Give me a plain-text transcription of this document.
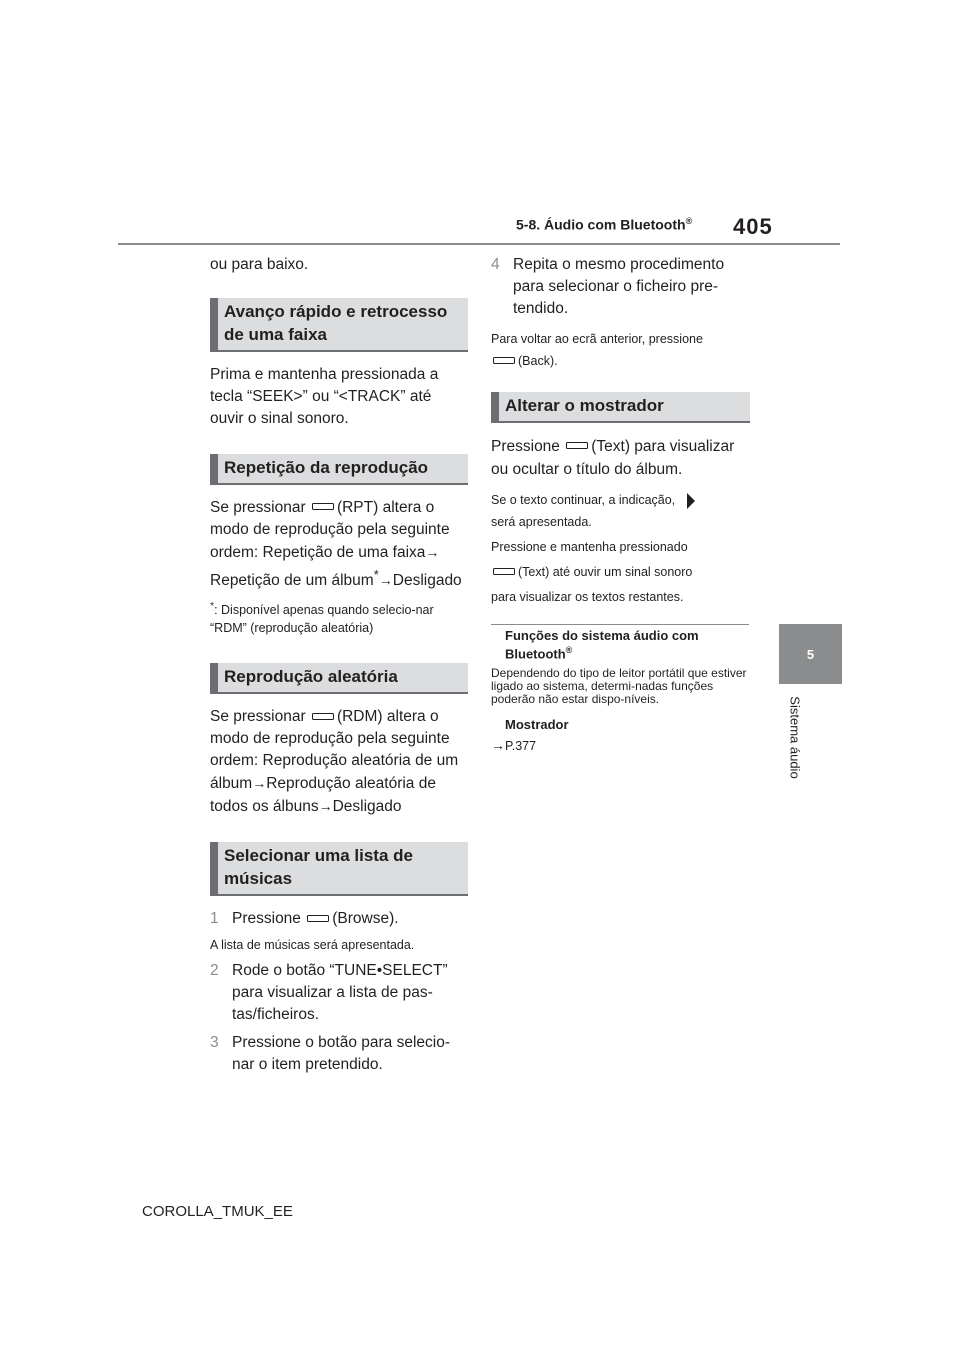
5-8. Áudio com Bluetooth® 405
5
Sistema áudio

ou para baixo.

Avanço rápido e retrocesso de uma faixa

Prima e mantenha pressionada a tecla “SEEK>” ou “<TRACK” até ouvir o sinal sonoro.

Repetição da reprodução

Se pressionar (RPT) altera o modo de reprodução pela seguinte ordem: Repetição de uma faixa→ Repetição de um álbum*→Desligado

*: Disponível apenas quando selecio-nar “RDM” (reprodução aleatória)

Reprodução aleatória

Se pressionar (RDM) altera o modo de reprodução pela seguinte ordem: Reprodução aleatória de um álbum→Reprodução aleatória de todos os álbuns→Desligado

Selecionar uma lista de músicas
1 Pressione (Browse).

A lista de músicas será apresentada.

2 Rode o botão “TUNE•SELECT” para visualizar a lista de pas-tas/ficheiros.
3 Pressione o botão para selecio-nar o item pretendido.
4 Repita o mesmo procedimento para selecionar o ficheiro pre-tendido.

Para voltar ao ecrã anterior, pressione
(Back).

Alterar o mostrador

Pressione (Text) para visualizar ou ocultar o título do álbum.

Se o texto continuar, a indicação,
será apresentada.

Pressione e mantenha pressionado
(Text) até ouvir um sinal sonoro
para visualizar os textos restantes.

Funções do sistema áudio com Bluetooth®

Dependendo do tipo de leitor portátil que estiver ligado ao sistema, determi-nadas funções poderão não estar dispo-níveis.

Mostrador

→P.377

COROLLA_TMUK_EE
